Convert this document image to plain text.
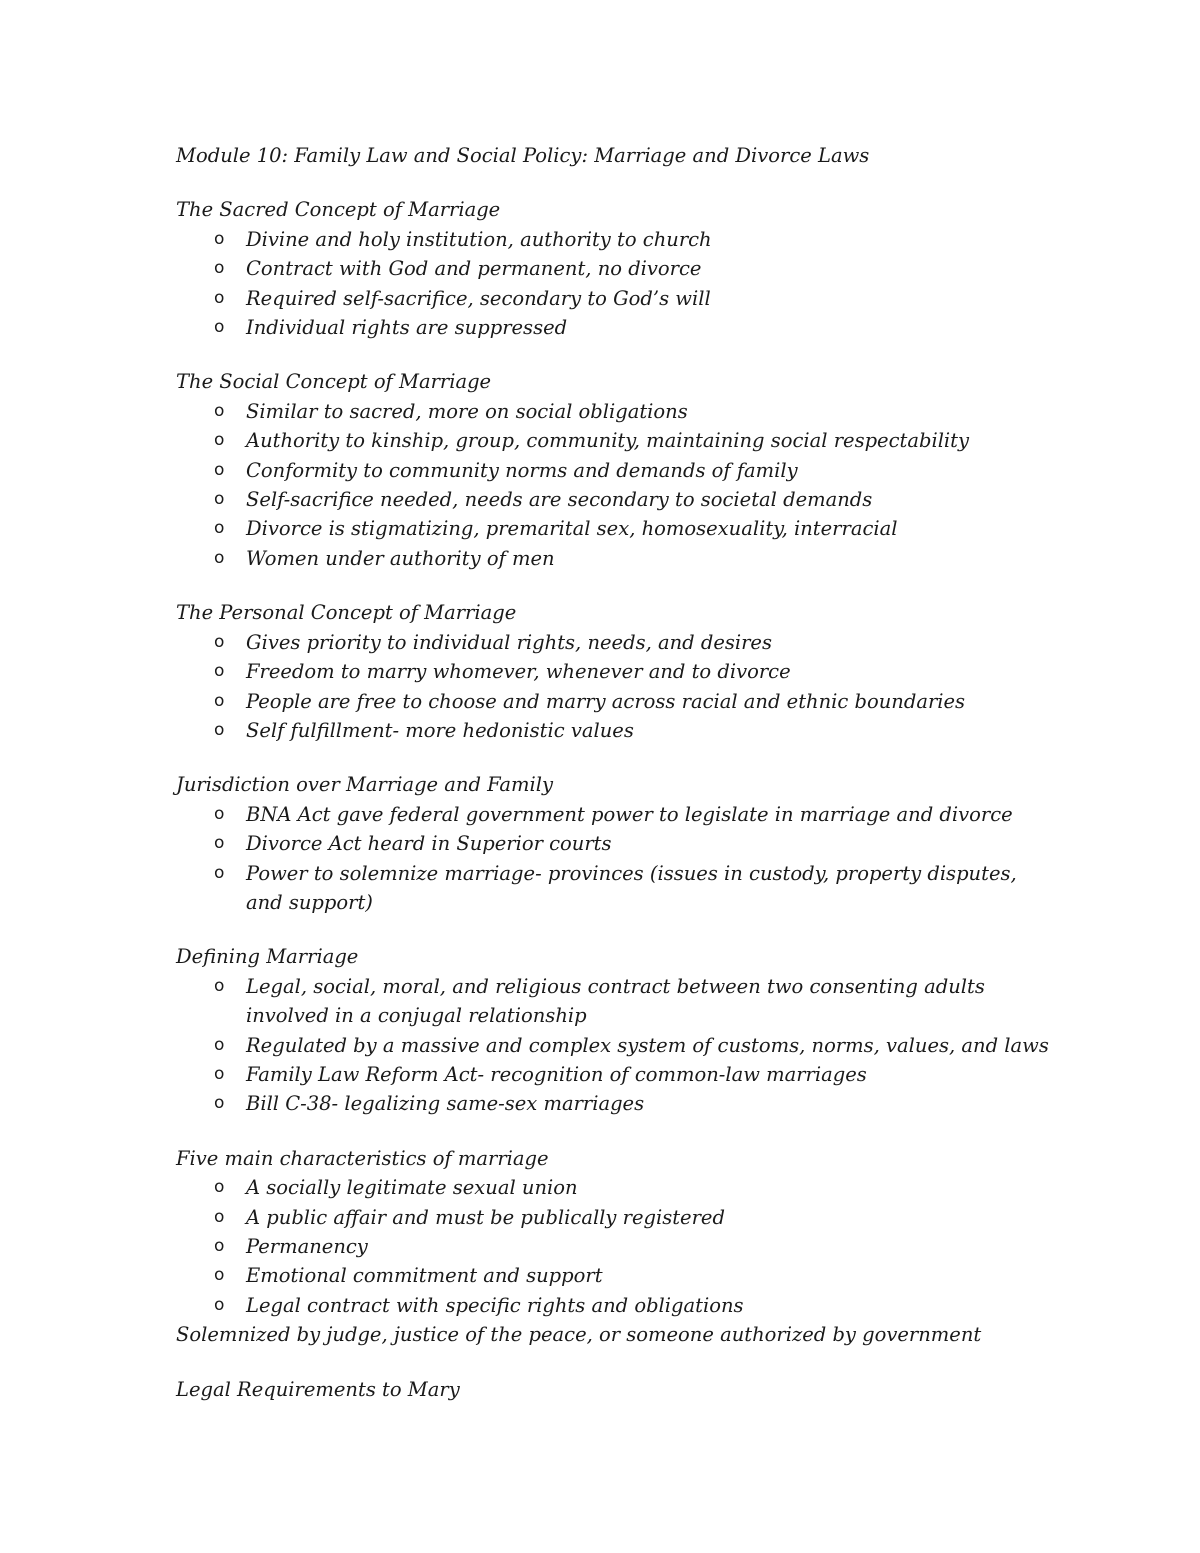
Module 10: Family Law and Social Policy: Marriage and Divorce Laws

The Sacred Concept of Marriage

o Divine and holy institution, authority to church
o Contract with God and permanent, no divorce
o Required self-sacrifice, secondary to God’s will
o Individual rights are suppressed

The Social Concept of Marriage

o Similar to sacred, more on social obligations
o Authority to kinship, group, community, maintaining social respectability
o Conformity to community norms and demands of family
o Self-sacrifice needed, needs are secondary to societal demands
o Divorce is stigmatizing, premarital sex, homosexuality, interracial
o Women under authority of men

The Personal Concept of Marriage

o Gives priority to individual rights, needs, and desires
o Freedom to marry whomever, whenever and to divorce
o People are free to choose and marry across racial and ethnic boundaries
o Self fulfillment- more hedonistic values

Jurisdiction over Marriage and Family

o BNA Act gave federal government power to legislate in marriage and divorce
o Divorce Act heard in Superior courts
o Power to solemnize marriage- provinces (issues in custody, property disputes, and support)

Defining Marriage

o Legal, social, moral, and religious contract between two consenting adults involved in a conjugal relationship
o Regulated by a massive and complex system of customs, norms, values, and laws
o Family Law Reform Act- recognition of common-law marriages
o Bill C-38- legalizing same-sex marriages

Five main characteristics of marriage

o A socially legitimate sexual union
o A public affair and must be publically registered
o Permanency
o Emotional commitment and support
o Legal contract with specific rights and obligations

Solemnized by judge, justice of the peace, or someone authorized by government

Legal Requirements to Mary
